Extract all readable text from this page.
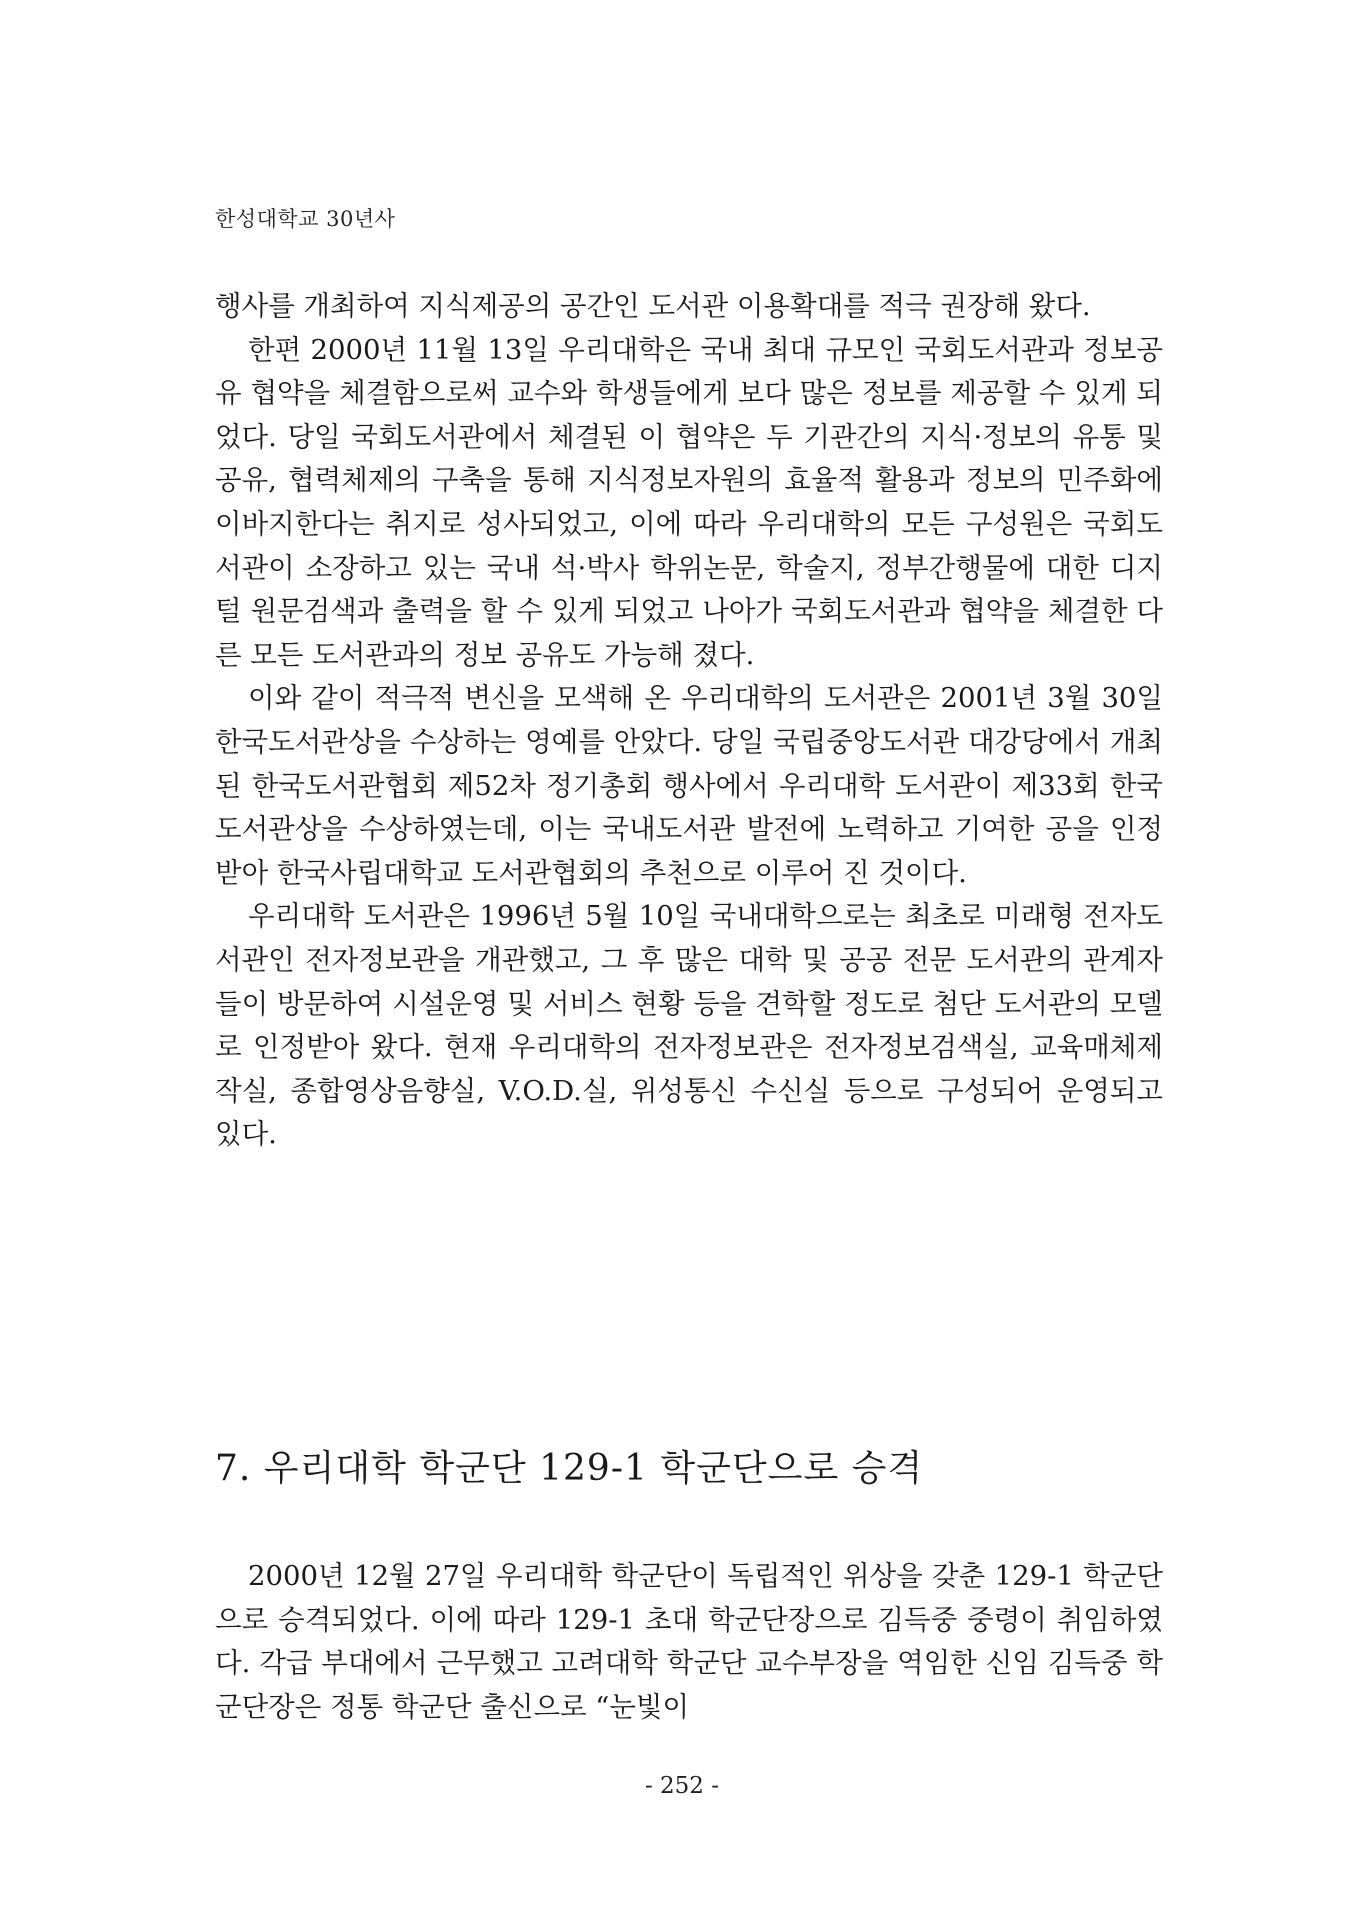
한성대학교 30년사

행사를 개최하여 지식제공의 공간인 도서관 이용확대를 적극 권장해 왔다.

한편 2000년 11월 13일 우리대학은 국내 최대 규모인 국회도서관과 정보공유 협약을 체결함으로써 교수와 학생들에게 보다 많은 정보를 제공할 수 있게 되었다. 당일 국회도서관에서 체결된 이 협약은 두 기관간의 지식·정보의 유통 및 공유, 협력체제의 구축을 통해 지식정보자원의 효율적 활용과 정보의 민주화에 이바지한다는 취지로 성사되었고, 이에 따라 우리대학의 모든 구성원은 국회도서관이 소장하고 있는 국내 석·박사 학위논문, 학술지, 정부간행물에 대한 디지털 원문검색과 출력을 할 수 있게 되었고 나아가 국회도서관과 협약을 체결한 다른 모든 도서관과의 정보 공유도 가능해 졌다.

이와 같이 적극적 변신을 모색해 온 우리대학의 도서관은 2001년 3월 30일 한국도서관상을 수상하는 영예를 안았다. 당일 국립중앙도서관 대강당에서 개최된 한국도서관협회 제52차 정기총회 행사에서 우리대학 도서관이 제33회 한국도서관상을 수상하였는데, 이는 국내도서관 발전에 노력하고 기여한 공을 인정받아 한국사립대학교 도서관협회의 추천으로 이루어 진 것이다.

우리대학 도서관은 1996년 5월 10일 국내대학으로는 최초로 미래형 전자도서관인 전자정보관을 개관했고, 그 후 많은 대학 및 공공 전문 도서관의 관계자들이 방문하여 시설운영 및 서비스 현황 등을 견학할 정도로 첨단 도서관의 모델로 인정받아 왔다. 현재 우리대학의 전자정보관은 전자정보검색실, 교육매체제작실, 종합영상음향실, V.O.D.실, 위성통신 수신실 등으로 구성되어 운영되고 있다.

7. 우리대학 학군단 129-1 학군단으로 승격

2000년 12월 27일 우리대학 학군단이 독립적인 위상을 갖춘 129-1 학군단으로 승격되었다. 이에 따라 129-1 초대 학군단장으로 김득중 중령이 취임하였다. 각급 부대에서 근무했고 고려대학 학군단 교수부장을 역임한 신임 김득중 학군단장은 정통 학군단 출신으로 “눈빛이

- 252 -
